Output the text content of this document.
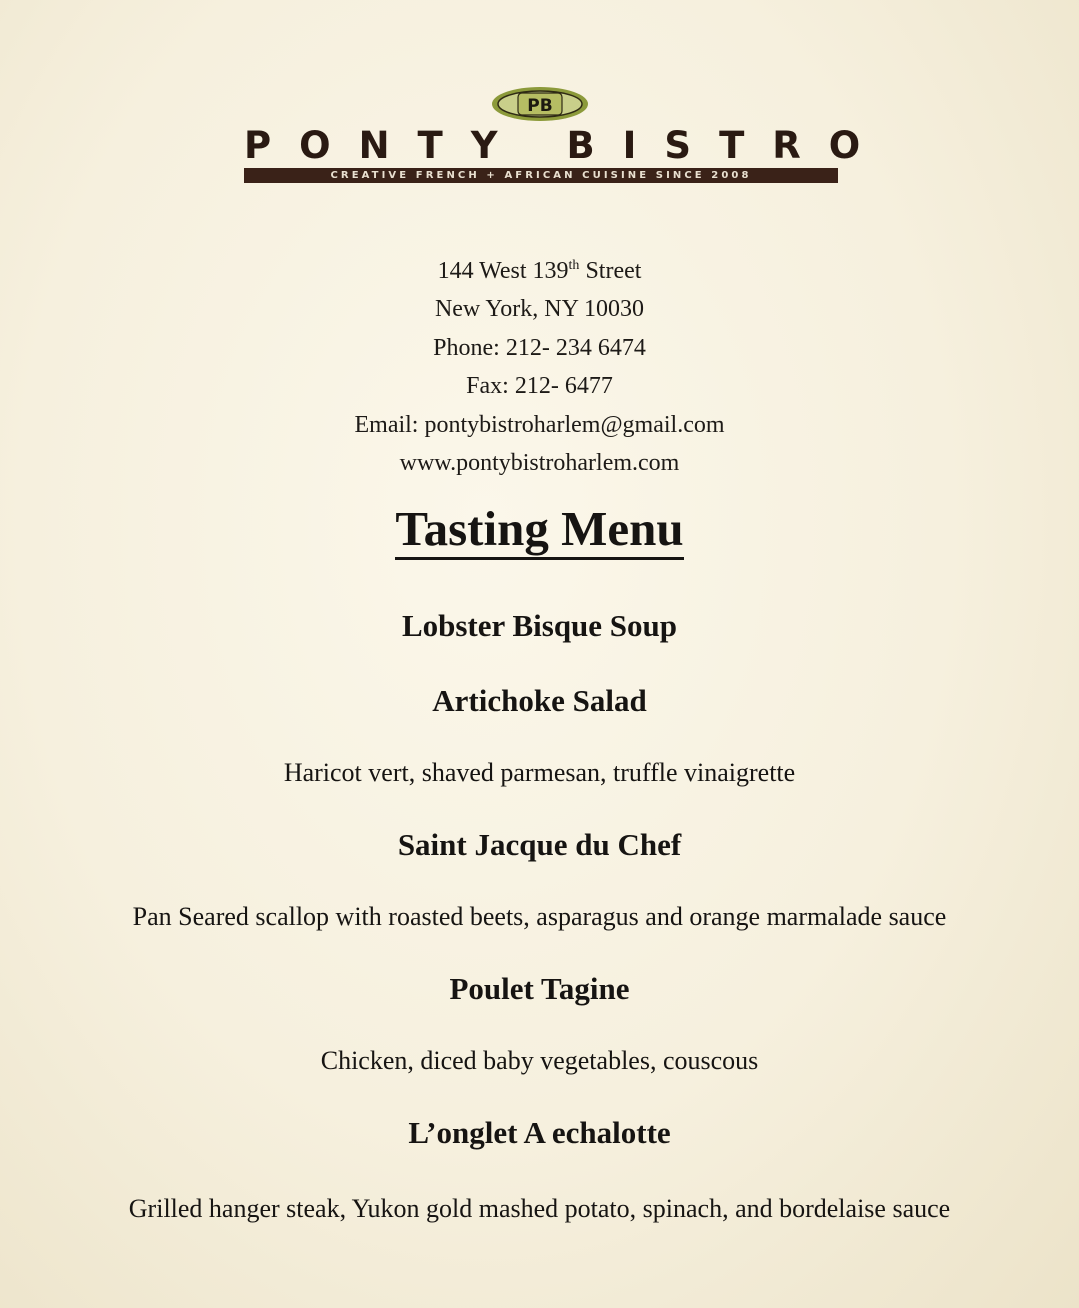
PB
PONTY BISTRO
CREATIVE FRENCH + AFRICAN CUISINE SINCE 2008
144 West 139th Street
New York, NY 10030
Phone: 212- 234 6474
Fax: 212- 6477
Email: pontybistroharlem@gmail.com
www.pontybistroharlem.com
Tasting Menu
Lobster Bisque Soup
Artichoke Salad
Haricot vert, shaved parmesan, truffle vinaigrette
Saint Jacque du Chef
Pan Seared scallop with roasted beets, asparagus and orange marmalade sauce
Poulet Tagine
Chicken, diced baby vegetables, couscous
L’onglet A echalotte
Grilled hanger steak, Yukon gold mashed potato, spinach, and bordelaise sauce
